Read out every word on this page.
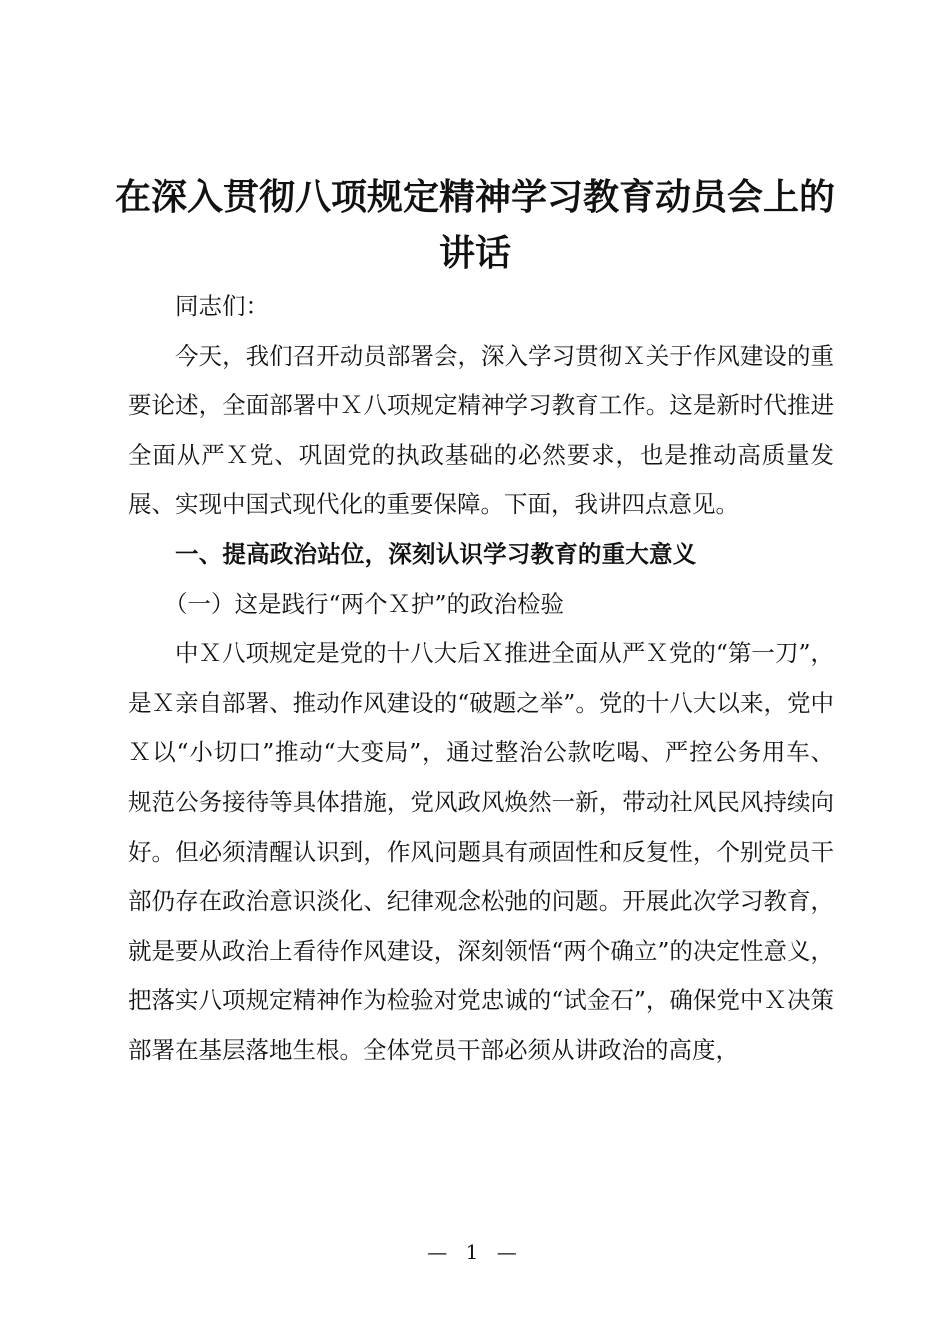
在深入贯彻八项规定精神学习教育动员会上的讲话

同志们：

今天，我们召开动员部署会，深入学习贯彻Ｘ关于作风建设的重要论述，全面部署中Ｘ八项规定精神学习教育工作。这是新时代推进全面从严Ｘ党、巩固党的执政基础的必然要求，也是推动高质量发展、实现中国式现代化的重要保障。下面，我讲四点意见。

一、提高政治站位，深刻认识学习教育的重大意义

（一）这是践行“两个Ｘ护”的政治检验

中Ｘ八项规定是党的十八大后Ｘ推进全面从严Ｘ党的“第一刀”，是Ｘ亲自部署、推动作风建设的“破题之举”。党的十八大以来，党中Ｘ以“小切口”推动“大变局”，通过整治公款吃喝、严控公务用车、规范公务接待等具体措施，党风政风焕然一新，带动社风民风持续向好。但必须清醒认识到，作风问题具有顽固性和反复性，个别党员干部仍存在政治意识淡化、纪律观念松弛的问题。开展此次学习教育，就是要从政治上看待作风建设，深刻领悟“两个确立”的决定性意义，把落实八项规定精神作为检验对党忠诚的“试金石”，确保党中Ｘ决策部署在基层落地生根。全体党员干部必须从讲政治的高度，

— 1 —
